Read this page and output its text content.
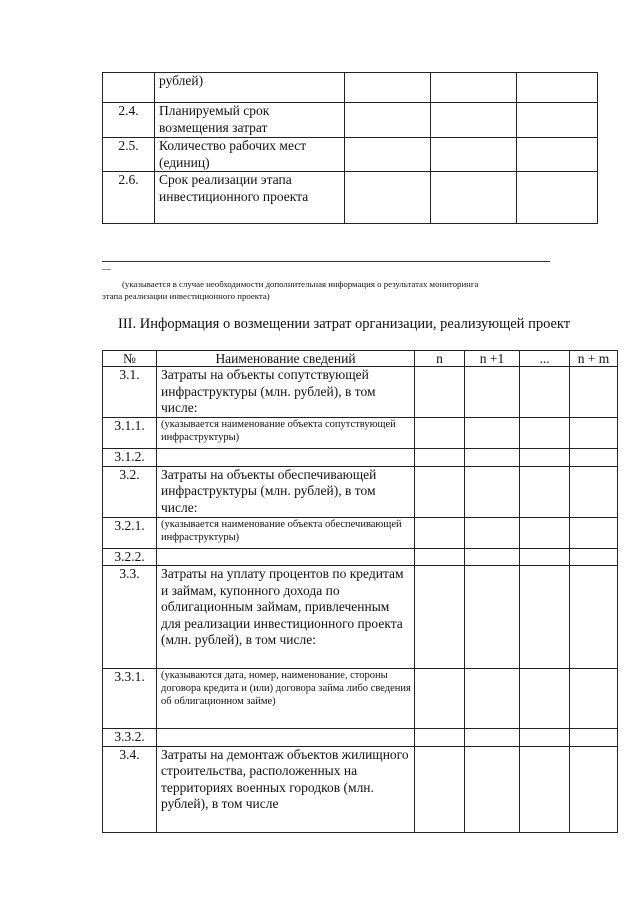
	рублей)			
2.4.	Планируемый срок возмещения затрат			
2.5.	Количество рабочих мест (единиц)			
2.6.	Срок реализации этапа инвестиционного проекта			
—
(указывается в случае необходимости дополнительная информация о результатах мониторинга
этапа реализации инвестиционного проекта)
III. Информация о возмещении затрат организации, реализующей проект
№	Наименование сведений	n	n +1	...	n + m
3.1.	Затраты на объекты сопутствующей инфраструктуры (млн. рублей), в том числе:				
3.1.1.	(указывается наименование объекта сопутствующей инфраструктуры)				
3.1.2.					
3.2.	Затраты на объекты обеспечивающей инфраструктуры (млн. рублей), в том числе:				
3.2.1.	(указывается наименование объекта обеспечивающей инфраструктуры)				
3.2.2.					
3.3.	Затраты на уплату процентов по кредитам и займам, купонного дохода по облигационным займам, привлеченным для реализации инвестиционного проекта (млн. рублей), в том числе:				
3.3.1.	(указываются дата, номер, наименование, стороны договора кредита и (или) договора займа либо сведения об облигационном займе)				
3.3.2.					
3.4.	Затраты на демонтаж объектов жилищного строительства, расположенных на территориях военных городков (млн. рублей), в том числе				
